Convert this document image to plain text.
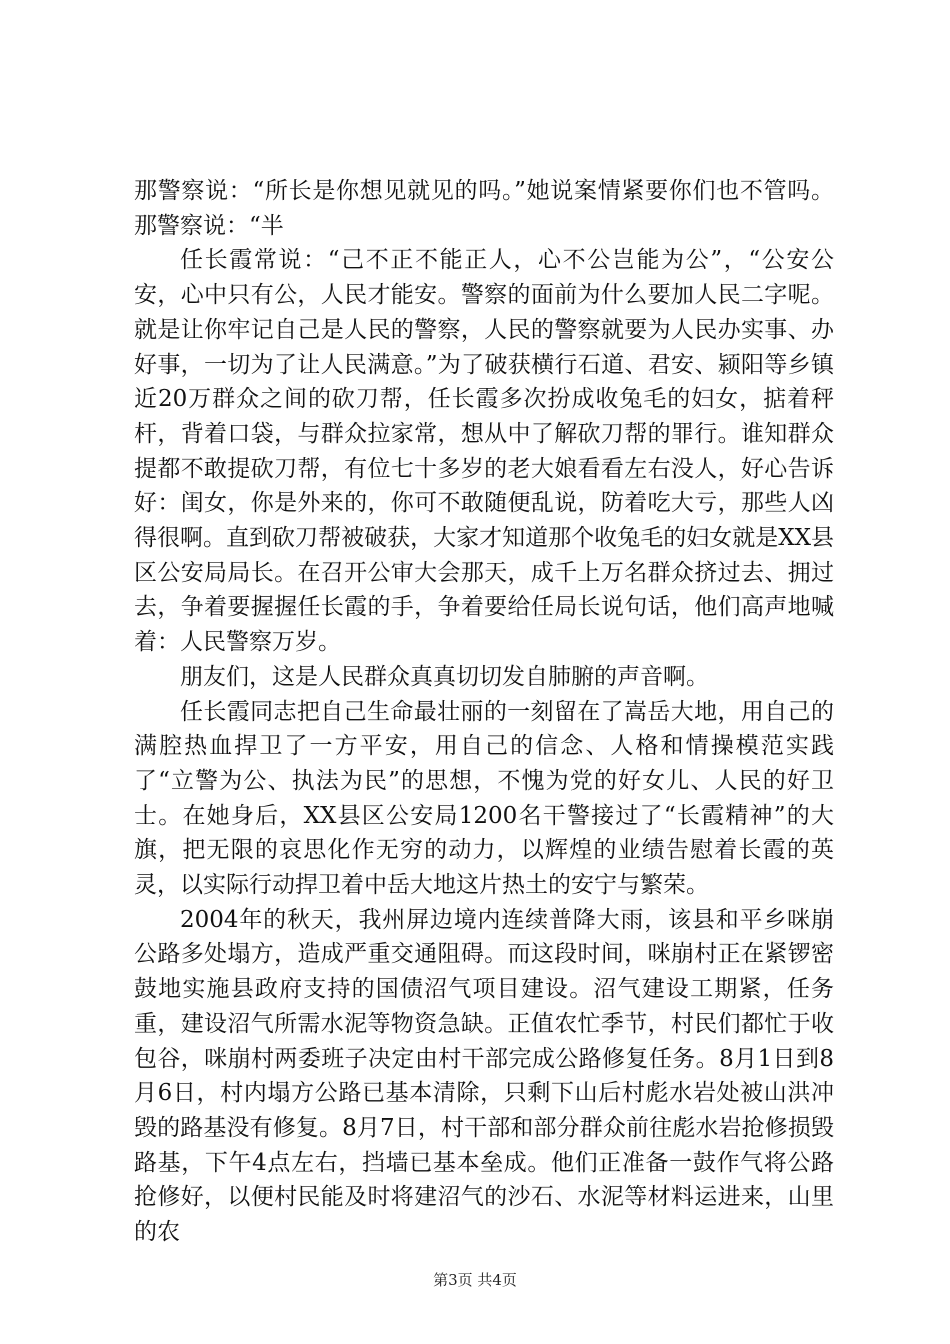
那警察说：“所长是你想见就见的吗。”她说案情紧要你们也不管吗。那警察说：“半

任长霞常说：“己不正不能正人，心不公岂能为公”，“公安公安，心中只有公，人民才能安。警察的面前为什么要加人民二字呢。就是让你牢记自己是人民的警察，人民的警察就要为人民办实事、办好事，一切为了让人民满意。”为了破获横行石道、君安、颍阳等乡镇近20万群众之间的砍刀帮，任长霞多次扮成收兔毛的妇女，掂着秤杆，背着口袋，与群众拉家常，想从中了解砍刀帮的罪行。谁知群众提都不敢提砍刀帮，有位七十多岁的老大娘看看左右没人，好心告诉好：闺女，你是外来的，你可不敢随便乱说，防着吃大亏，那些人凶得很啊。直到砍刀帮被破获，大家才知道那个收兔毛的妇女就是XX县区公安局局长。在召开公审大会那天，成千上万名群众挤过去、拥过去，争着要握握任长霞的手，争着要给任局长说句话，他们高声地喊着：人民警察万岁。

朋友们，这是人民群众真真切切发自肺腑的声音啊。

任长霞同志把自己生命最壮丽的一刻留在了嵩岳大地，用自己的满腔热血捍卫了一方平安，用自己的信念、人格和情操模范实践了“立警为公、执法为民”的思想，不愧为党的好女儿、人民的好卫士。在她身后，XX县区公安局1200名干警接过了“长霞精神”的大旗，把无限的哀思化作无穷的动力，以辉煌的业绩告慰着长霞的英灵，以实际行动捍卫着中岳大地这片热土的安宁与繁荣。

2004年的秋天，我州屏边境内连续普降大雨，该县和平乡咪崩公路多处塌方，造成严重交通阻碍。而这段时间，咪崩村正在紧锣密鼓地实施县政府支持的国债沼气项目建设。沼气建设工期紧，任务重，建设沼气所需水泥等物资急缺。正值农忙季节，村民们都忙于收包谷，咪崩村两委班子决定由村干部完成公路修复任务。8月1日到8月6日，村内塌方公路已基本清除，只剩下山后村彪水岩处被山洪冲毁的路基没有修复。8月7日，村干部和部分群众前往彪水岩抢修损毁路基，下午4点左右，挡墙已基本垒成。他们正准备一鼓作气将公路抢修好，以便村民能及时将建沼气的沙石、水泥等材料运进来，山里的农

第3页 共4页
